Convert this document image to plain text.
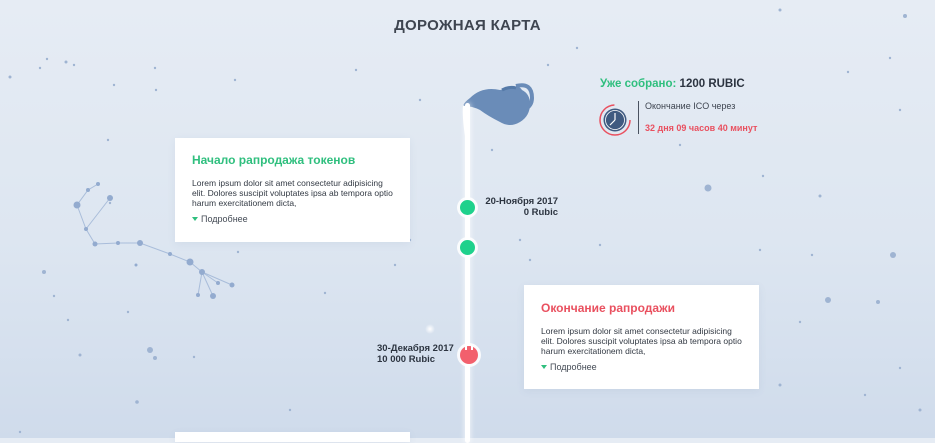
ДОРОЖНАЯ КАРТА
20-Ноября 2017
0 Rubic
30-Декабря 2017
10 000 Rubic
Начало рапродажа токенов
Lorem ipsum dolor sit amet consectetur adipisicing elit. Dolores suscipit voluptates ipsa ab tempora optio harum exercitationem dicta,
Подробнее
Окончание рапродажи
Lorem ipsum dolor sit amet consectetur adipisicing elit. Dolores suscipit voluptates ipsa ab tempora optio harum exercitationem dicta,
Подробнее
Уже собрано: 1200 RUBIC
Окончание ICO через
32 дня 09 часов 40 минут
